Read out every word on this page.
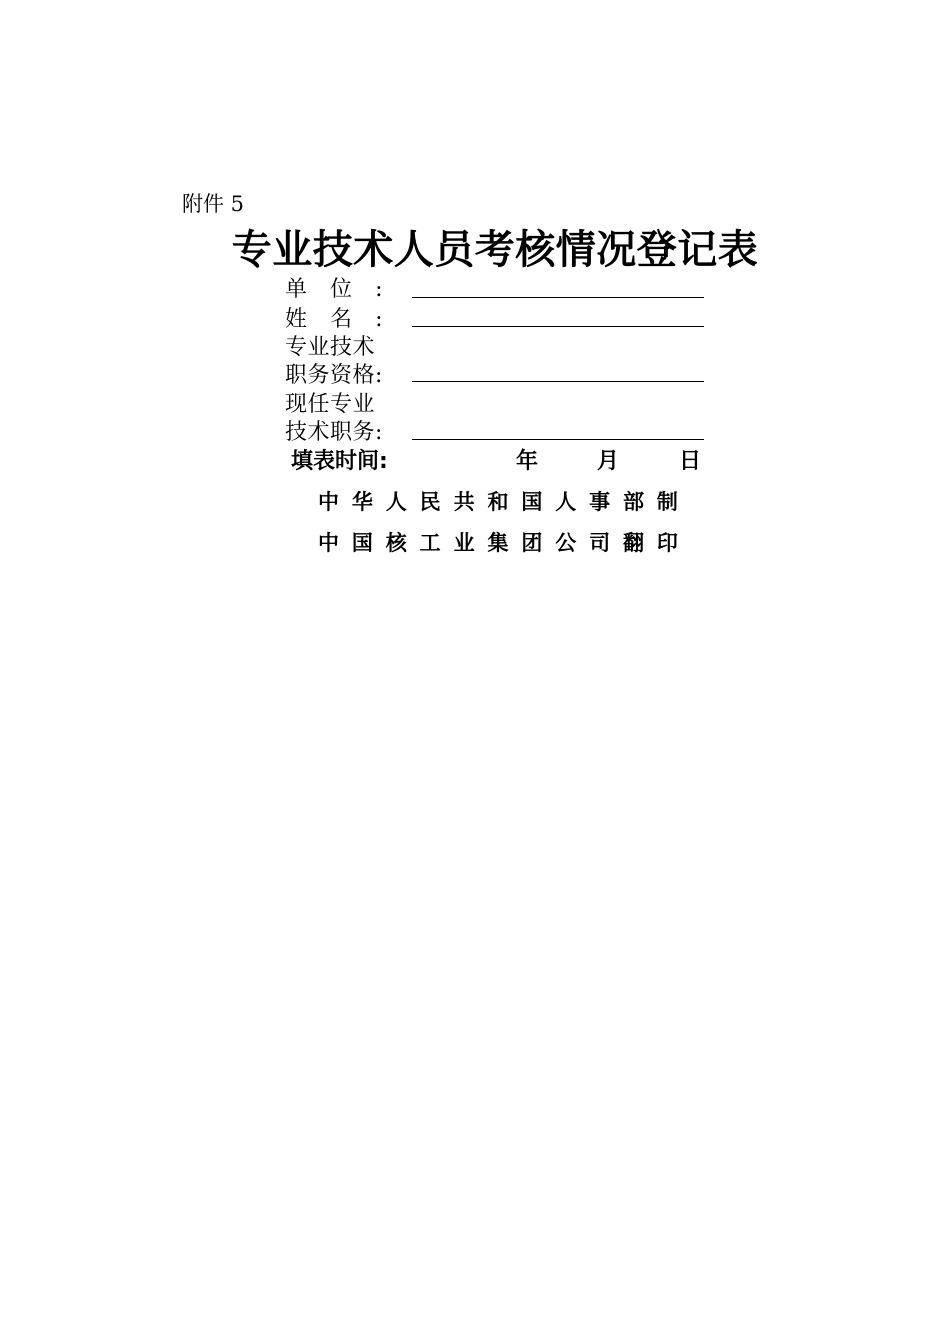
附件 5
专业技术人员考核情况登记表
单位:
姓名:
专业技术
职务资格:
现任专业
技术职务:
填表时间:	年	月	日
中 华 人 民 共 和 国 人 事 部 制
中 国 核 工 业 集 团 公 司 翻 印
